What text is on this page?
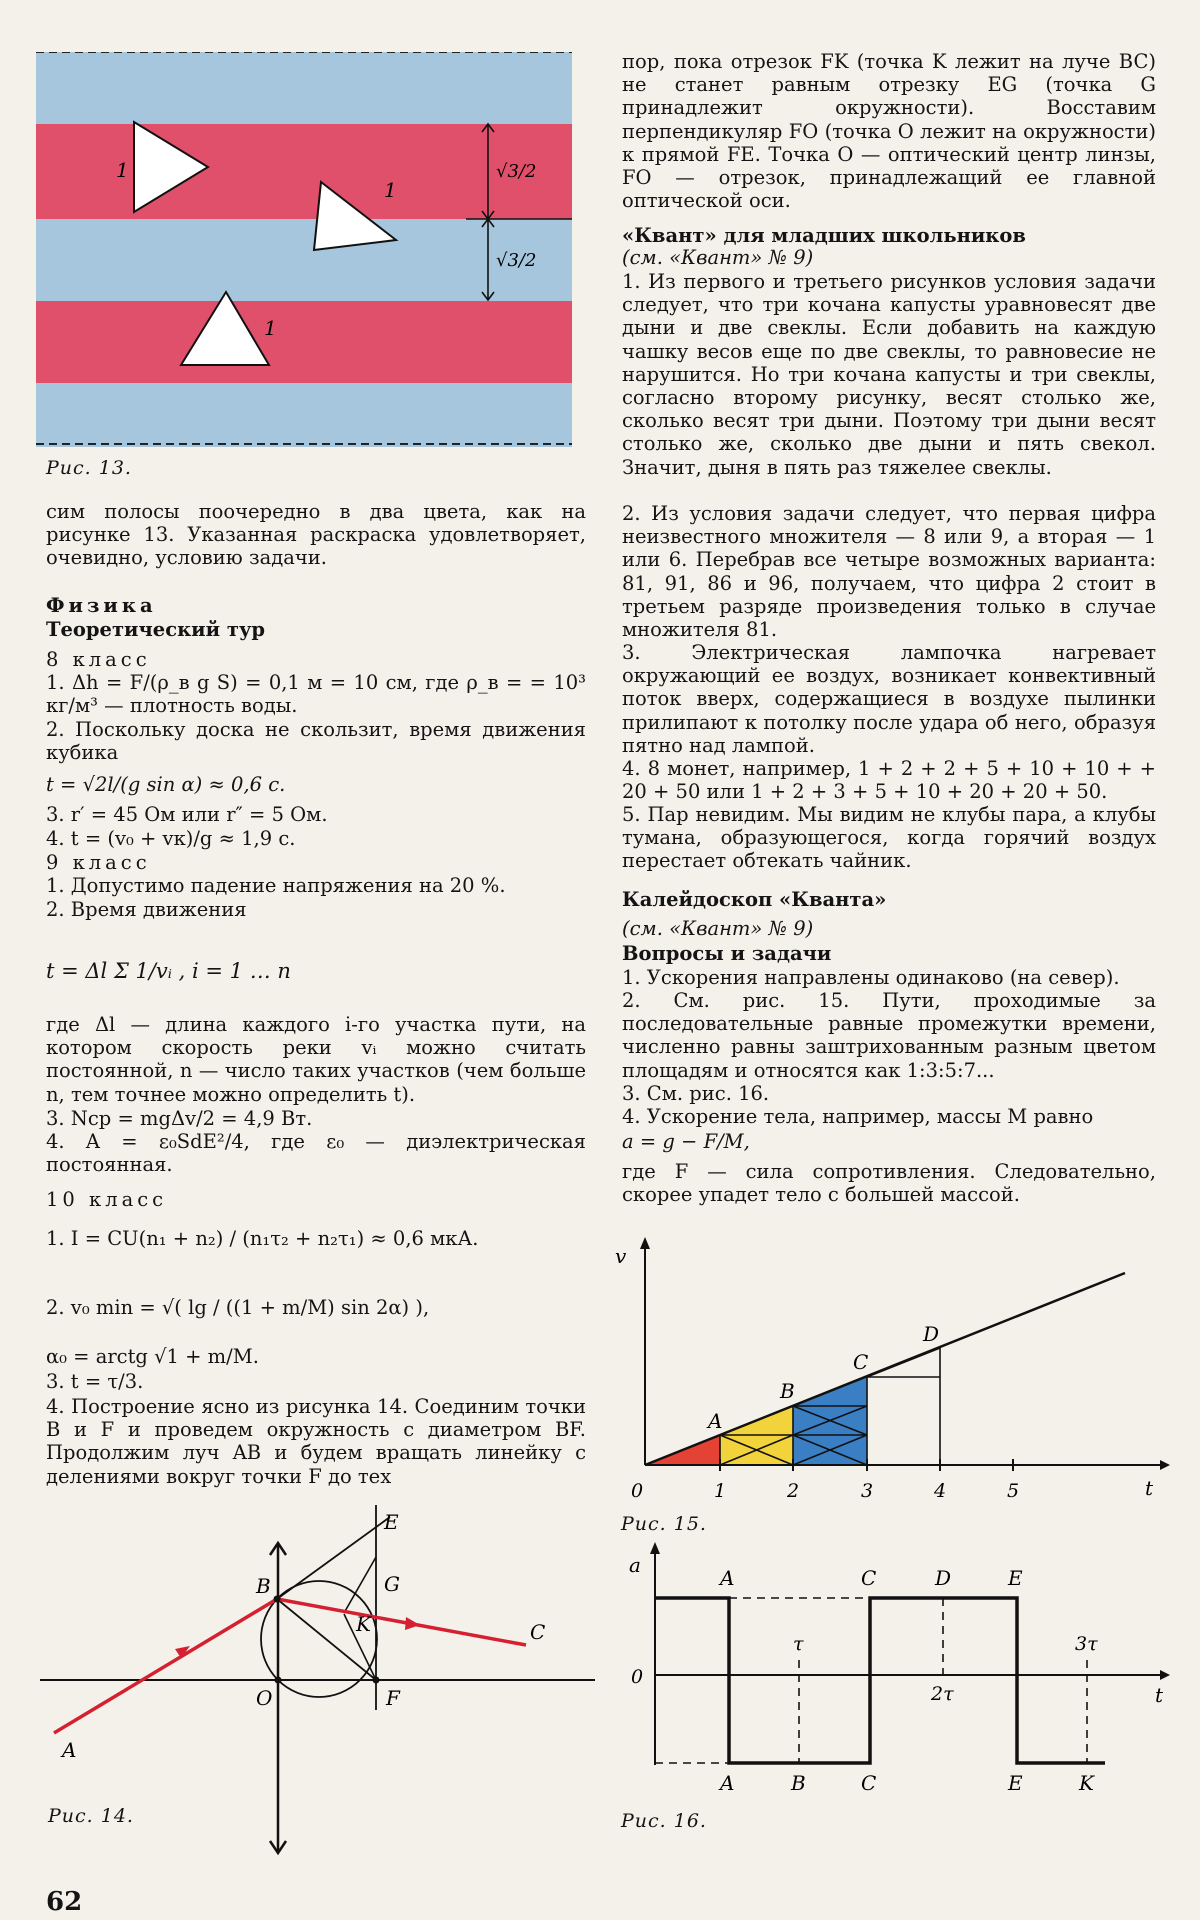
1
1
1
√3/2
√3/2
Рис. 13.

сим полосы поочередно в два цвета, как на рисунке 13. Указанная раскраска удовлетворяет, очевидно, условию задачи.

Физика
Теоретический тур
8 класс

1. Δh = F/(ρ_в g S) = 0,1 м = 10 см, где ρ_в = = 10³ кг/м³ — плотность воды.

2. Поскольку доска не скользит, время движения кубика

t = √2l/(g sin α) ≈ 0,6 с.

3. r′ = 45 Ом или r″ = 5 Ом.

4. t = (v₀ + vк)/g ≈ 1,9 с.

9 класс

1. Допустимо падение напряжения на 20 %.

2. Время движения

t = Δl Σ 1/vᵢ , i = 1 … n

где Δl — длина каждого i-го участка пути, на котором скорость реки vᵢ можно считать постоянной, n — число таких участков (чем больше n, тем точнее можно определить t).

3. Nср = mgΔv/2 = 4,9 Вт.

4. A = ε₀SdE²/4, где ε₀ — диэлектрическая постоянная.

10 класс

1. I = CU(n₁ + n₂) / (n₁τ₂ + n₂τ₁) ≈ 0,6 мкА.

2. v₀ min = √( lg / ((1 + m/M) sin 2α) ),

α₀ = arctg √1 + m/M.

3. t = τ/3.

4. Построение ясно из рисунка 14. Соединим точки B и F и проведем окружность с диаметром BF. Продолжим луч AB и будем вращать линейку с делениями вокруг точки F до тех

A
B
C
E
G
K
O	F
Рис. 14.

пор, пока отрезок FK (точка K лежит на луче BC) не станет равным отрезку EG (точка G принадлежит окружности). Восставим перпендикуляр FO (точка O лежит на окружности) к прямой FE. Точка O — оптический центр линзы, FO — отрезок, принадлежащий ее главной оптической оси.

«Квант» для младших школьников
(см. «Квант» № 9)

1. Из первого и третьего рисунков условия задачи следует, что три кочана капусты уравновесят две дыни и две свеклы. Если добавить на каждую чашку весов еще по две свеклы, то равновесие не нарушится. Но три кочана капусты и три свеклы, согласно второму рисунку, весят столько же, сколько весят три дыни. Поэтому три дыни весят столько же, сколько две дыни и пять свекол. Значит, дыня в пять раз тяжелее свеклы.

2. Из условия задачи следует, что первая цифра неизвестного множителя — 8 или 9, а вторая — 1 или 6. Перебрав все четыре возможных варианта: 81, 91, 86 и 96, получаем, что цифра 2 стоит в третьем разряде произведения только в случае множителя 81.

3. Электрическая лампочка нагревает окружающий ее воздух, возникает конвективный поток вверх, содержащиеся в воздухе пылинки прилипают к потолку после удара об него, образуя пятно над лампой.

4. 8 монет, например, 1 + 2 + 2 + 5 + 10 + 10 + + 20 + 50 или 1 + 2 + 3 + 5 + 10 + 20 + 20 + 50.

5. Пар невидим. Мы видим не клубы пара, а клубы тумана, образующегося, когда горячий воздух перестает обтекать чайник.

Калейдоскоп «Кванта»
(см. «Квант» № 9)
Вопросы и задачи

1. Ускорения направлены одинаково (на север).

2. См. рис. 15. Пути, проходимые за последовательные равные промежутки времени, численно равны заштрихованным разным цветом площадям и относятся как 1:3:5:7...

3. См. рис. 16.

4. Ускорение тела, например, массы M равно

a = g − F/M,

где F — сила сопротивления. Следовательно, скорее упадет тело с большей массой.

v
t
0	1	2	3	4	5
A
B
C
D
Рис. 15.
a
t
0
A	C	D	E
A	B	C	E	K
τ
2τ
3τ
Рис. 16.
62
